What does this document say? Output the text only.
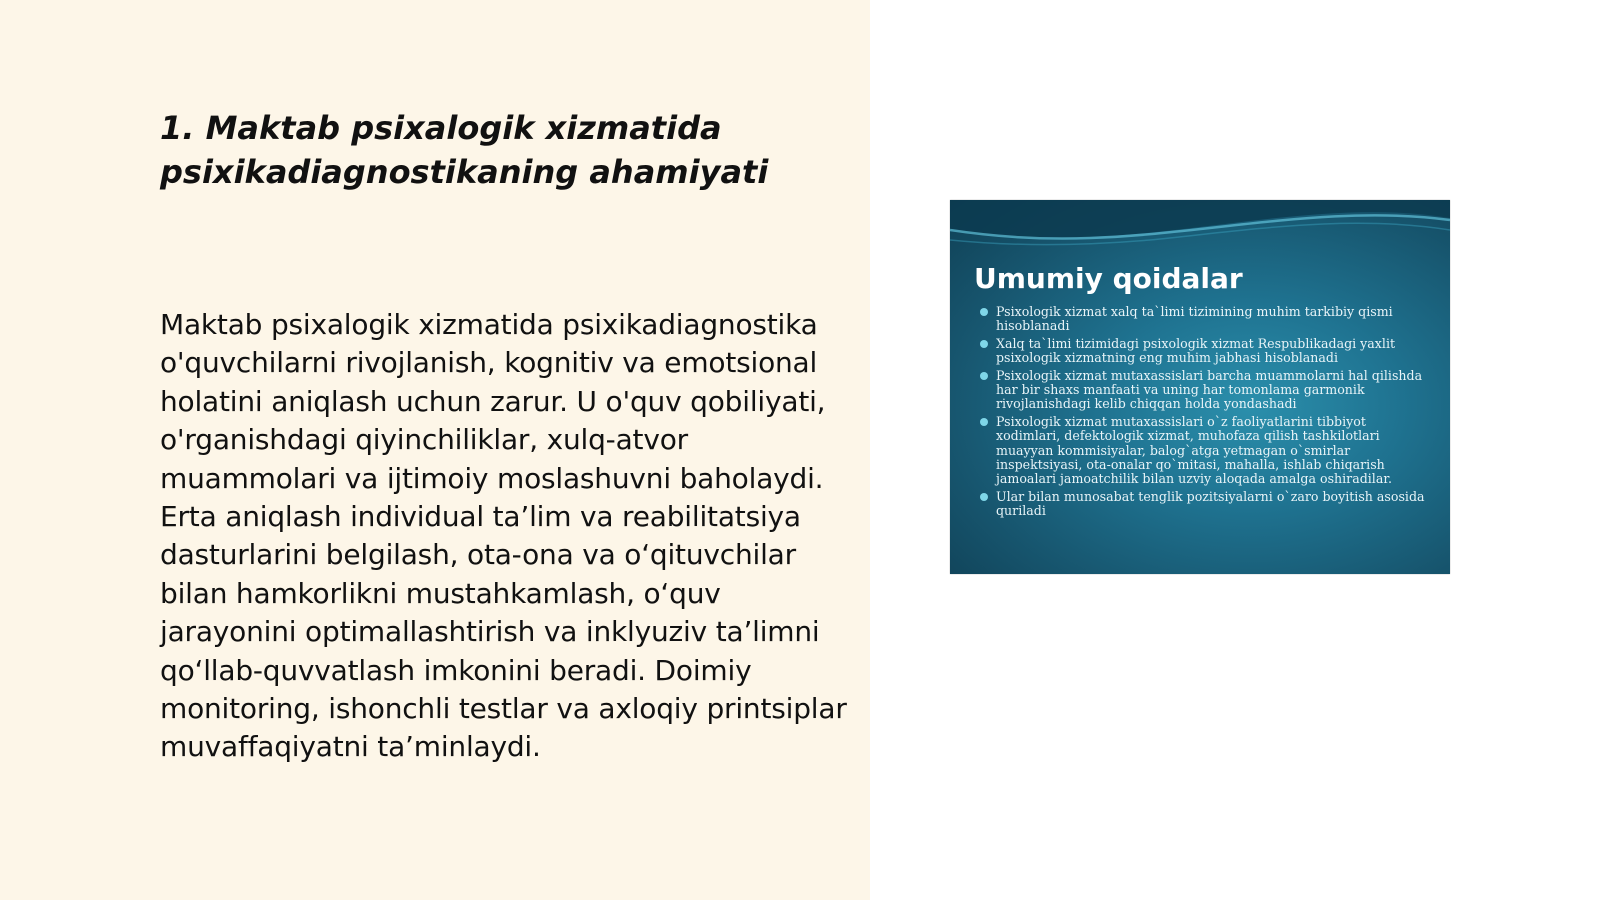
1. Maktab psixalogik xizmatida psixikadiagnostikaning ahamiyati

Maktab psixalogik xizmatida psixikadiagnostika o'quvchilarni rivojlanish, kognitiv va emotsional holatini aniqlash uchun zarur. U o'quv qobiliyati, o'rganishdagi qiyinchiliklar, xulq-atvor muammolari va ijtimoiy moslashuvni baholaydi. Erta aniqlash individual ta’lim va reabilitatsiya dasturlarini belgilash, ota-ona va o‘qituvchilar bilan hamkorlikni mustahkamlash, o‘quv jarayonini optimallashtirish va inklyuziv ta’limni qo‘llab-quvvatlash imkonini beradi. Doimiy monitoring, ishonchli testlar va axloqiy printsiplar muvaffaqiyatni ta’minlaydi.

Umumiy qoidalar
Psixologik xizmat xalq ta`limi tizimining muhim tarkibiy qismi hisoblanadi
Xalq ta`limi tizimidagi psixologik xizmat Respublikadagi yaxlit psixologik xizmatning eng muhim jabhasi hisoblanadi
Psixologik xizmat mutaxassislari barcha muammolarni hal qilishda har bir shaxs manfaati va uning har tomonlama garmonik rivojlanishdagi kelib chiqqan holda yondashadi
Psixologik xizmat mutaxassislari o`z faoliyatlarini tibbiyot xodimlari, defektologik xizmat, muhofaza qilish tashkilotlari muayyan kommisiyalar, balog`atga yetmagan o`smirlar inspektsiyasi, ota-onalar qo`mitasi, mahalla, ishlab chiqarish jamoalari jamoatchilik bilan uzviy aloqada amalga oshiradilar.
Ular bilan munosabat tenglik pozitsiyalarni o`zaro boyitish asosida quriladi
